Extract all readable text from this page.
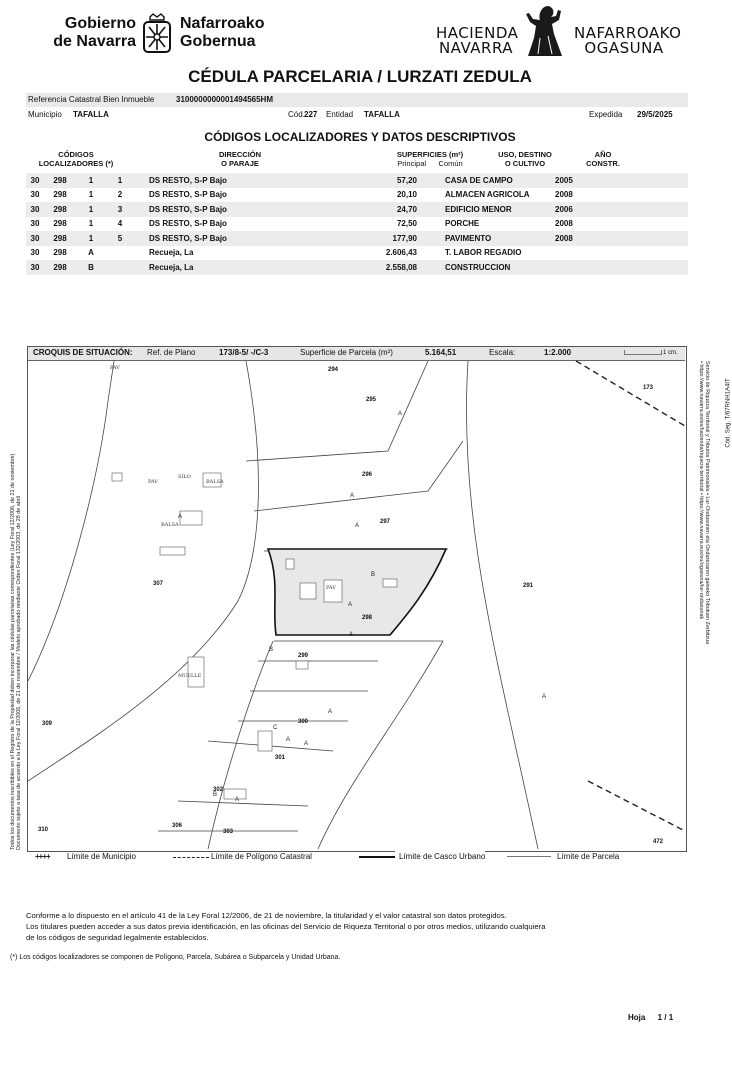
Gobierno
de Navarra
Nafarroako
Gobernua	HACIENDA
NAVARRA
NAFARROAKO
OGASUNA
CÉDULA PARCELARIA / LURZATI ZEDULA
Referencia Catastral Bien Inmueble	3100000000001494565HM
Municipio TAFALLA	Cód. 227 Entidad TAFALLA	Expedida 29/5/2025
CÓDIGOS LOCALIZADORES Y DATOS DESCRIPTIVOS
CÓDIGOS
LOCALIZADORES (*)
DIRECCIÓN
O PARAJE
SUPERFICIES (m²)
Principal Común
USO, DESTINO
O CULTIVO
AÑO
CONSTR.
30	298	1	1		DS RESTO, S-P Bajo	57,20		CASA DE CAMPO	2005
30	298	1	2		DS RESTO, S-P Bajo	20,10		ALMACEN AGRICOLA	2008
30	298	1	3		DS RESTO, S-P Bajo	24,70		EDIFICIO MENOR	2006
30	298	1	4		DS RESTO, S-P Bajo	72,50		PORCHE	2008
30	298	1	5		DS RESTO, S-P Bajo	177,90		PAVIMENTO	2008
30	298	A			Recueja, La	2.606,43		T. LABOR REGADIO	
30	298	B			Recueja, La	2.558,08		CONSTRUCCION	
CROQUIS DE SITUACIÓN: Ref. de Plano	173/8-5/ -/C-3	Superficie de Parcela (m²)	5.164,51	Escala:	1:2.000	1 cm.
294
295
296
297
298
299
300
301
302
303
306
307
309
310
291
173
472
PAV
PAV
PAV
BALSA
BALSA
SILO
MUELLE
A
A
A
B
A
A
A
A
A
A
A
A
B
C
B
Todos los documentos inscribibles en el Registro de la Propiedad deben incorporar las cédulas parcelarias correspondientes (Ley Foral 12/2006, de 21 de noviembre) Documento sujeto a tasa de acuerdo a la Ley Foral 12/2006, de 21 de noviembre / Modelo aprobado mediante Orden Foral 132/2003, de 28 de abril	Servicio de Riqueza Territorial y Tributos Patrimoniales • Lur-Ondasunen eta Ondarezaren gaineko Tributuen Zerbitzua
• https://www.navarra.es/es/hacienda/riqueza-territorial • https://www.navarra.eus/eu/ogasuna/lur-ondasunak	Cód. Seg. T/67RNH1A4IT
++++ Límite de Municipio	Límite de Polígono Catastral	Límite de Casco Urbano	Límite de Parcela
Conforme a lo dispuesto en el artículo 41 de la Ley Foral 12/2006, de 21 de noviembre, la titularidad y el valor catastral son datos protegidos.
Los titulares pueden acceder a sus datos previa identificación, en las oficinas del Servicio de Riqueza Territorial o por otros medios, utilizando cualquiera
de los códigos de seguridad legalmente establecidos.
(*) Los códigos localizadores se componen de Polígono, Parcela, Subárea o Subparcela y Unidad Urbana.
Hoja 1 / 1
